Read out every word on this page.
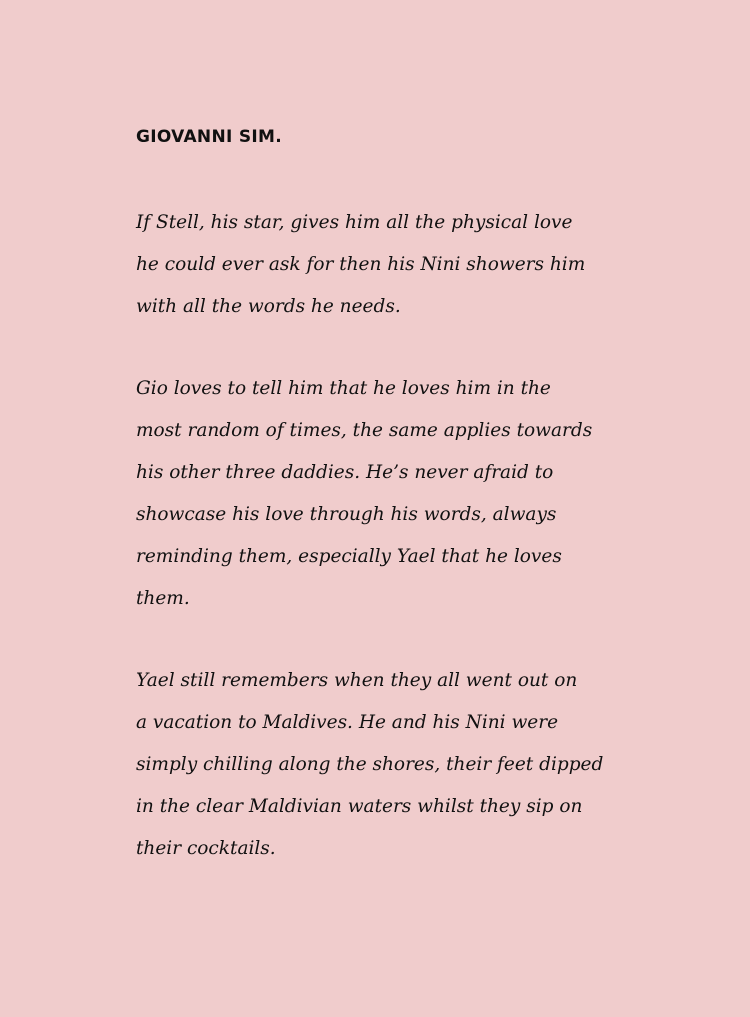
GIOVANNI SIM.

If Stell, his star, gives him all the physical love
he could ever ask for then his Nini showers him
with all the words he needs.

Gio loves to tell him that he loves him in the
most random of times, the same applies towards
his other three daddies. He’s never afraid to
showcase his love through his words, always
reminding them, especially Yael that he loves
them.

Yael still remembers when they all went out on
a vacation to Maldives. He and his Nini were
simply chilling along the shores, their feet dipped
in the clear Maldivian waters whilst they sip on
their cocktails.
